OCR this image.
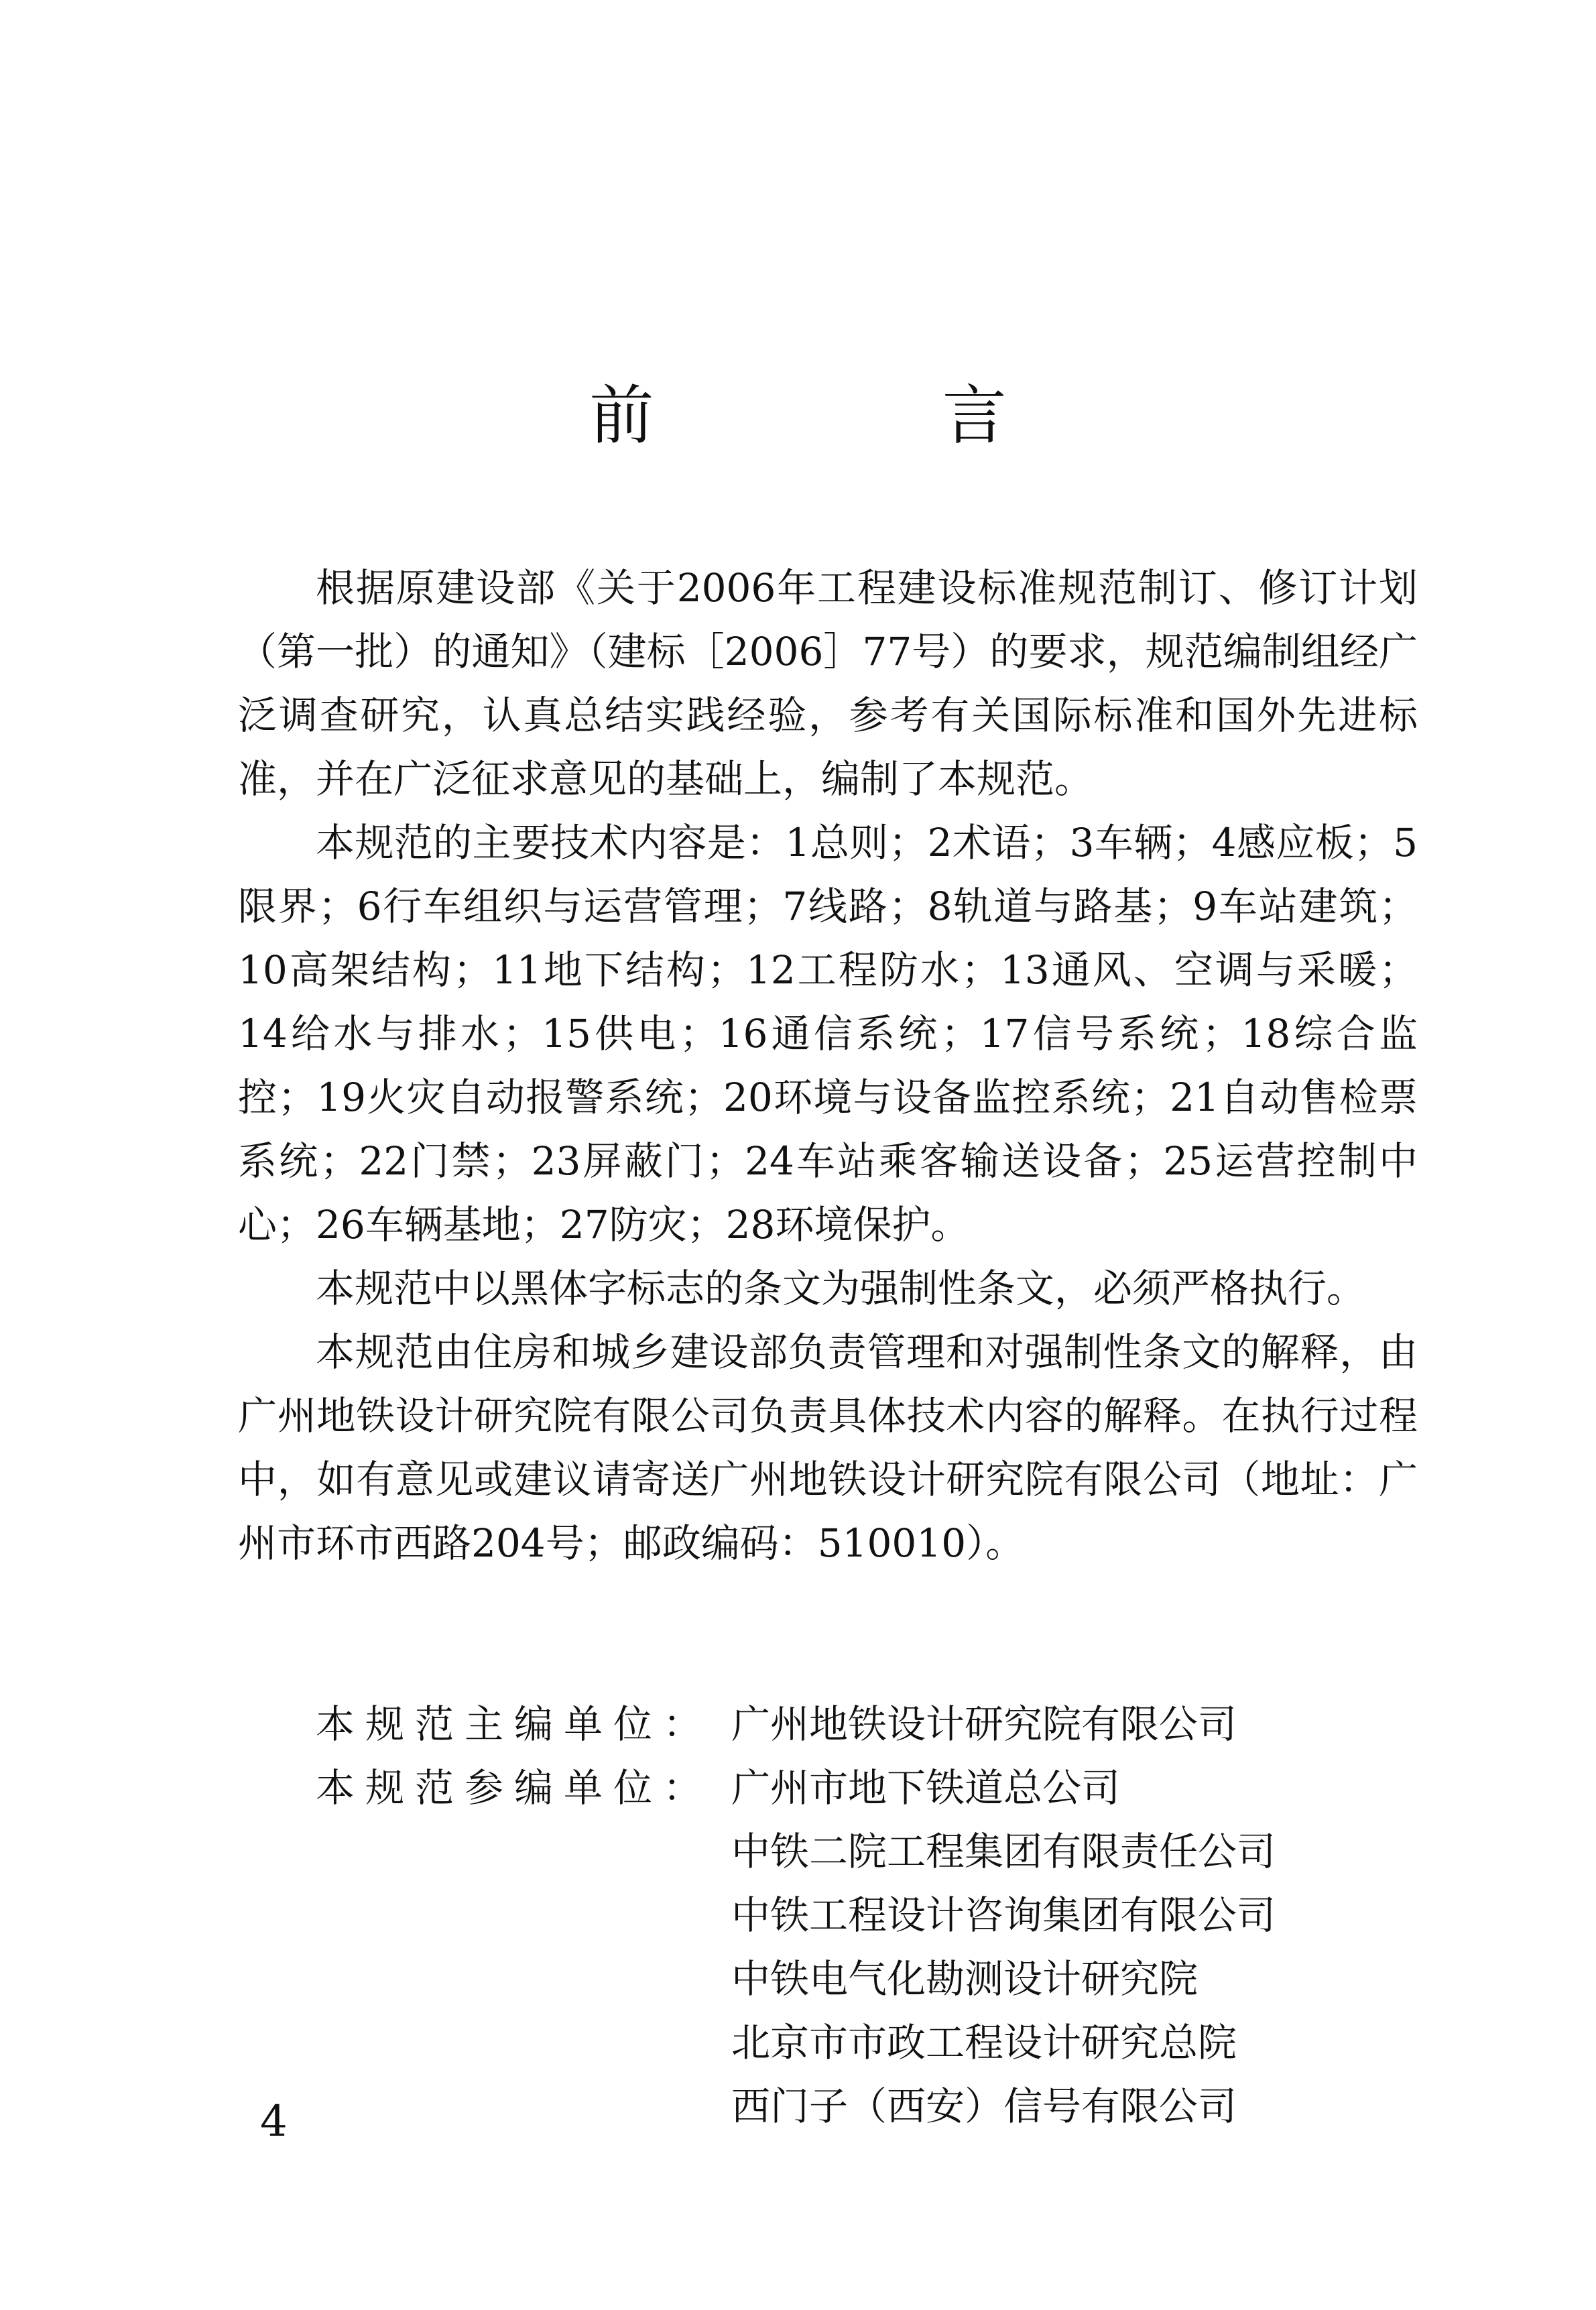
前 言

根据原建设部《关于2006年工程建设标准规范制订、修订计划（第一批）的通知》（建标［2006］77号）的要求，规范编制组经广泛调查研究，认真总结实践经验，参考有关国际标准和国外先进标准，并在广泛征求意见的基础上，编制了本规范。

本规范的主要技术内容是：1总则；2术语；3车辆；4感应板；5限界；6行车组织与运营管理；7线路；8轨道与路基；9车站建筑；10高架结构；11地下结构；12工程防水；13通风、空调与采暖；14给水与排水；15供电；16通信系统；17信号系统；18综合监控；19火灾自动报警系统；20环境与设备监控系统；21自动售检票系统；22门禁；23屏蔽门；24车站乘客输送设备；25运营控制中心；26车辆基地；27防灾；28环境保护。

本规范中以黑体字标志的条文为强制性条文，必须严格执行。

本规范由住房和城乡建设部负责管理和对强制性条文的解释，由广州地铁设计研究院有限公司负责具体技术内容的解释。在执行过程中，如有意见或建议请寄送广州地铁设计研究院有限公司（地址：广州市环市西路204号；邮政编码：510010）。

本规范主编单位： 广州地铁设计研究院有限公司
本规范参编单位： 广州市地下铁道总公司
中铁二院工程集团有限责任公司
中铁工程设计咨询集团有限公司
中铁电气化勘测设计研究院
北京市市政工程设计研究总院
西门子（西安）信号有限公司
4
